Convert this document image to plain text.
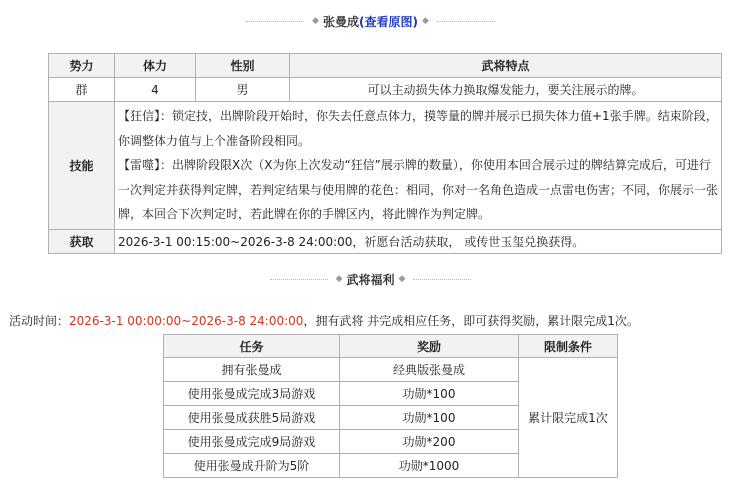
◆ 张曼成(查看原图) ◆
势力	体力	性别	武将特点
群	4	男	可以主动损失体力换取爆发能力，要关注展示的牌。
技能	【狂信】：锁定技，出牌阶段开始时，你失去任意点体力，摸等量的牌并展示已损失体力值+1张手牌。结束阶段，你调整体力值与上个准备阶段相同。
【雷噬】：出牌阶段限X次（X为你上次发动“狂信”展示牌的数量），你使用本回合展示过的牌结算完成后，可进行一次判定并获得判定牌，若判定结果与使用牌的花色：相同，你对一名角色造成一点雷电伤害；不同，你展示一张牌，本回合下次判定时，若此牌在你的手牌区内，将此牌作为判定牌。		

获取	2026-3-1 00:15:00~2026-3-8 24:00:00，祈愿台活动获取， 或传世玉玺兑换获得。		
◆ 武将福利 ◆
活动时间：2026-3-1 00:00:00~2026-3-8 24:00:00，拥有武将 并完成相应任务，即可获得奖励，累计限完成1次。
任务	奖励	限制条件
拥有张曼成	经典版张曼成	累计限完成1次
使用张曼成完成3局游戏	功勋*100	
使用张曼成获胜5局游戏	功勋*100	
使用张曼成完成9局游戏	功勋*200	
使用张曼成升阶为5阶	功勋*1000	
